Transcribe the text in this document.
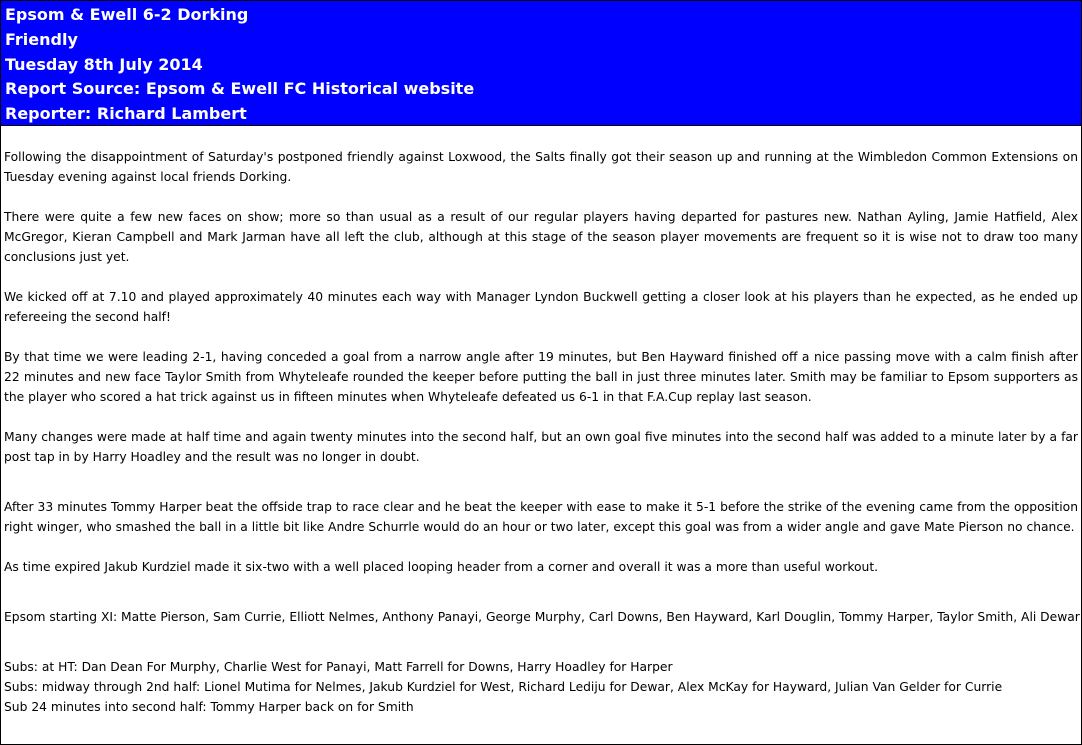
Epsom & Ewell 6-2 Dorking
Friendly
Tuesday 8th July 2014
Report Source: Epsom & Ewell FC Historical website
Reporter: Richard Lambert

Following the disappointment of Saturday's postponed friendly against Loxwood, the Salts finally got their season up and running at the Wimbledon Common Extensions on Tuesday evening against local friends Dorking.

There were quite a few new faces on show; more so than usual as a result of our regular players having departed for pastures new. Nathan Ayling, Jamie Hatfield, Alex McGregor, Kieran Campbell and Mark Jarman have all left the club, although at this stage of the season player movements are frequent so it is wise not to draw too many conclusions just yet.

We kicked off at 7.10 and played approximately 40 minutes each way with Manager Lyndon Buckwell getting a closer look at his players than he expected, as he ended up refereeing the second half!

By that time we were leading 2-1, having conceded a goal from a narrow angle after 19 minutes, but Ben Hayward finished off a nice passing move with a calm finish after 22 minutes and new face Taylor Smith from Whyteleafe rounded the keeper before putting the ball in just three minutes later. Smith may be familiar to Epsom supporters as the player who scored a hat trick against us in fifteen minutes when Whyteleafe defeated us 6-1 in that F.A.Cup replay last season.

Many changes were made at half time and again twenty minutes into the second half, but an own goal five minutes into the second half was added to a minute later by a far post tap in by Harry Hoadley and the result was no longer in doubt.

After 33 minutes Tommy Harper beat the offside trap to race clear and he beat the keeper with ease to make it 5-1 before the strike of the evening came from the opposition right winger, who smashed the ball in a little bit like Andre Schurrle would do an hour or two later, except this goal was from a wider angle and gave Mate Pierson no chance.

As time expired Jakub Kurdziel made it six-two with a well placed looping header from a corner and overall it was a more than useful workout.

Epsom starting XI: Matte Pierson, Sam Currie, Elliott Nelmes, Anthony Panayi, George Murphy, Carl Downs, Ben Hayward, Karl Douglin, Tommy Harper, Taylor Smith, Ali Dewar

Subs: at HT: Dan Dean For Murphy, Charlie West for Panayi, Matt Farrell for Downs, Harry Hoadley for Harper

Subs: midway through 2nd half: Lionel Mutima for Nelmes, Jakub Kurdziel for West, Richard Lediju for Dewar, Alex McKay for Hayward, Julian Van Gelder for Currie

Sub 24 minutes into second half: Tommy Harper back on for Smith
